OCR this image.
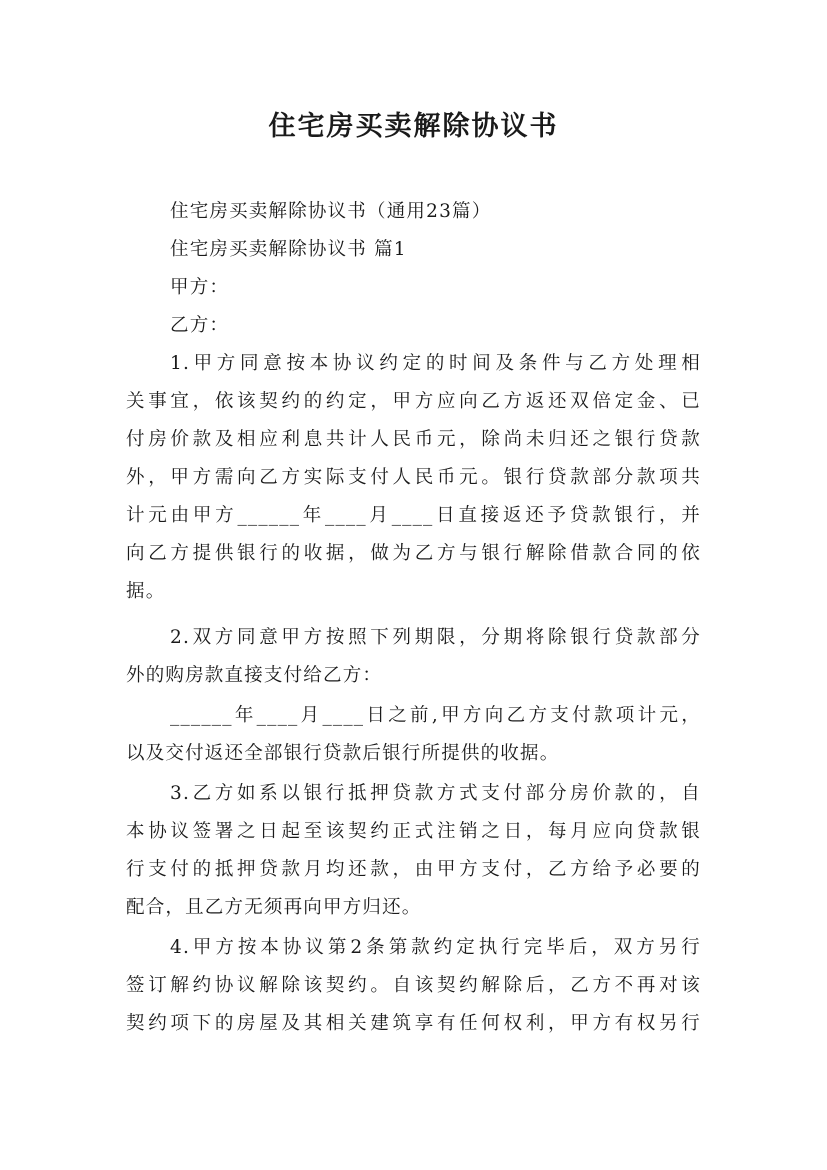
住宅房买卖解除协议书
住宅房买卖解除协议书（通用23篇）
住宅房买卖解除协议书 篇1
甲方：
乙方：
1.甲方同意按本协议约定的时间及条件与乙方处理相
关事宜，依该契约的约定，甲方应向乙方返还双倍定金、已
付房价款及相应利息共计人民币元，除尚未归还之银行贷款
外，甲方需向乙方实际支付人民币元。银行贷款部分款项共
计元由甲方______年____月____日直接返还予贷款银行，并
向乙方提供银行的收据，做为乙方与银行解除借款合同的依
据。
2.双方同意甲方按照下列期限，分期将除银行贷款部分
外的购房款直接支付给乙方：
______年____月____日之前,甲方向乙方支付款项计元，
以及交付返还全部银行贷款后银行所提供的收据。
3.乙方如系以银行抵押贷款方式支付部分房价款的，自
本协议签署之日起至该契约正式注销之日，每月应向贷款银
行支付的抵押贷款月均还款，由甲方支付，乙方给予必要的
配合，且乙方无须再向甲方归还。
4.甲方按本协议第2条第款约定执行完毕后，双方另行
签订解约协议解除该契约。自该契约解除后，乙方不再对该
契约项下的房屋及其相关建筑享有任何权利，甲方有权另行
